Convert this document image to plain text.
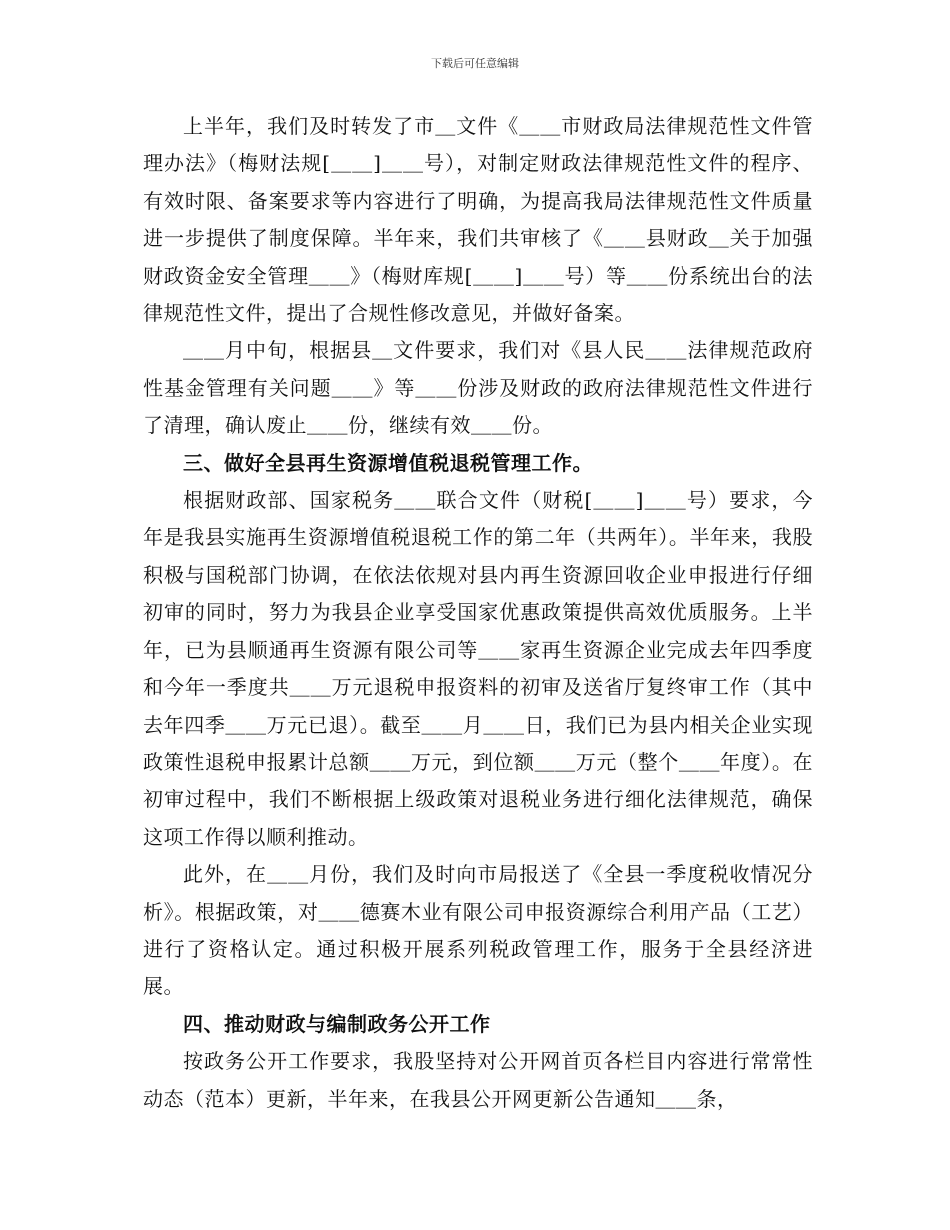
下载后可任意编辑

上半年，我们及时转发了市＿文件《＿＿市财政局法律规范性文件管理办法》（梅财法规[＿＿]＿＿号），对制定财政法律规范性文件的程序、有效时限、备案要求等内容进行了明确，为提高我局法律规范性文件质量进一步提供了制度保障。半年来，我们共审核了《＿＿县财政＿关于加强财政资金安全管理＿＿》（梅财库规[＿＿]＿＿号）等＿＿份系统出台的法律规范性文件，提出了合规性修改意见，并做好备案。

＿＿月中旬，根据县＿文件要求，我们对《县人民＿＿法律规范政府性基金管理有关问题＿＿》等＿＿份涉及财政的政府法律规范性文件进行了清理，确认废止＿＿份，继续有效＿＿份。

三、做好全县再生资源增值税退税管理工作。

根据财政部、国家税务＿＿联合文件（财税[＿＿]＿＿号）要求，今年是我县实施再生资源增值税退税工作的第二年（共两年）。半年来，我股积极与国税部门协调，在依法依规对县内再生资源回收企业申报进行仔细初审的同时，努力为我县企业享受国家优惠政策提供高效优质服务。上半年，已为县顺通再生资源有限公司等＿＿家再生资源企业完成去年四季度和今年一季度共＿＿万元退税申报资料的初审及送省厅复终审工作（其中去年四季＿＿万元已退）。截至＿＿月＿＿日，我们已为县内相关企业实现政策性退税申报累计总额＿＿万元，到位额＿＿万元（整个＿＿年度）。在初审过程中，我们不断根据上级政策对退税业务进行细化法律规范，确保这项工作得以顺利推动。

此外，在＿＿月份，我们及时向市局报送了《全县一季度税收情况分析》。根据政策，对＿＿德赛木业有限公司申报资源综合利用产品（工艺）进行了资格认定。通过积极开展系列税政管理工作，服务于全县经济进展。

四、推动财政与编制政务公开工作

按政务公开工作要求，我股坚持对公开网首页各栏目内容进行常常性动态（范本）更新，半年来，在我县公开网更新公告通知＿＿条，
